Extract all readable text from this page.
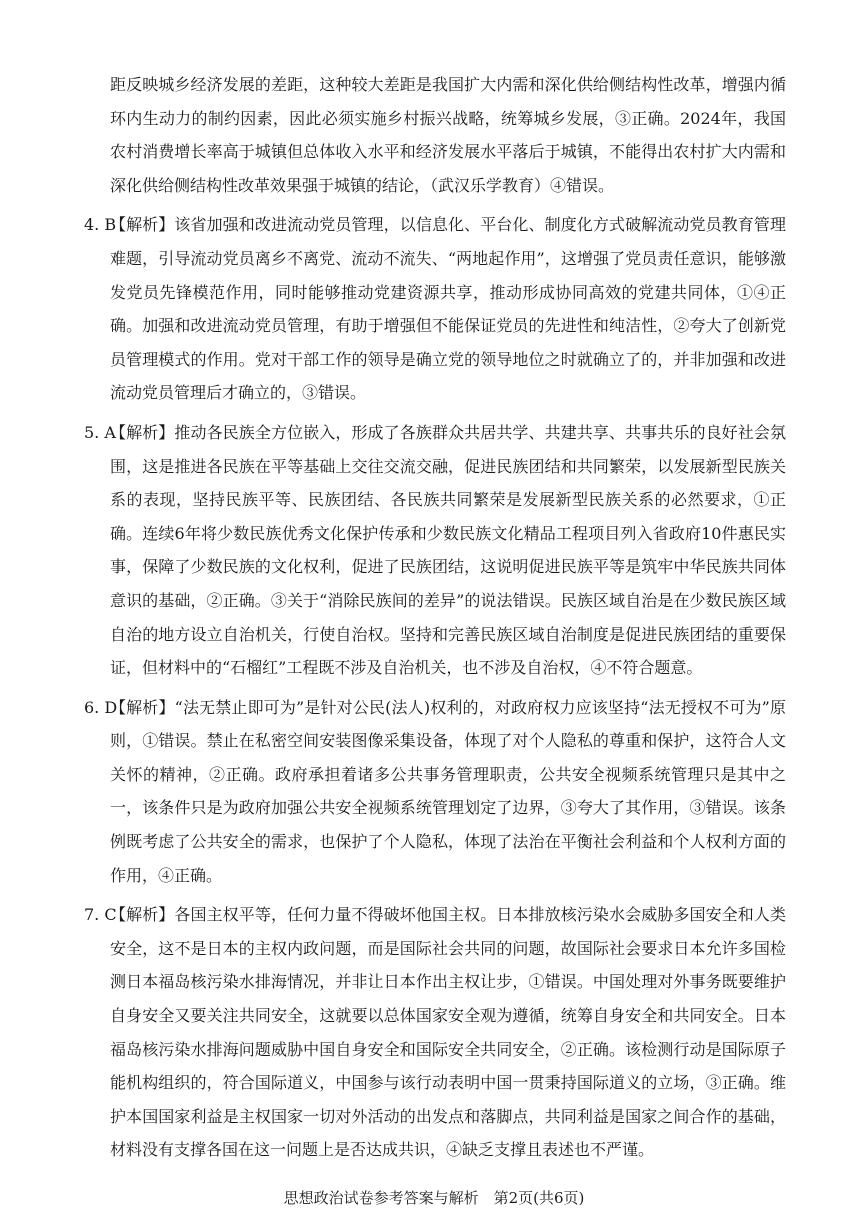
距反映城乡经济发展的差距，这种较大差距是我国扩大内需和深化供给侧结构性改革，增强内循环内生动力的制约因素，因此必须实施乡村振兴战略，统筹城乡发展，③正确。2024年，我国农村消费增长率高于城镇但总体收入水平和经济发展水平落后于城镇，不能得出农村扩大内需和深化供给侧结构性改革效果强于城镇的结论，（武汉乐学教育）④错误。

4. B
【解析】该省加强和改进流动党员管理，以信息化、平台化、制度化方式破解流动党员教育管理难题，引导流动党员离乡不离党、流动不流失、“两地起作用”，这增强了党员责任意识，能够激发党员先锋模范作用，同时能够推动党建资源共享，推动形成协同高效的党建共同体，①④正确。加强和改进流动党员管理，有助于增强但不能保证党员的先进性和纯洁性，②夸大了创新党员管理模式的作用。党对干部工作的领导是确立党的领导地位之时就确立了的，并非加强和改进流动党员管理后才确立的，③错误。
5. A
【解析】推动各民族全方位嵌入，形成了各族群众共居共学、共建共享、共事共乐的良好社会氛围，这是推进各民族在平等基础上交往交流交融，促进民族团结和共同繁荣，以发展新型民族关系的表现，坚持民族平等、民族团结、各民族共同繁荣是发展新型民族关系的必然要求，①正确。连续6年将少数民族优秀文化保护传承和少数民族文化精品工程项目列入省政府10件惠民实事，保障了少数民族的文化权利，促进了民族团结，这说明促进民族平等是筑牢中华民族共同体意识的基础，②正确。③关于“消除民族间的差异”的说法错误。民族区域自治是在少数民族区域自治的地方设立自治机关，行使自治权。坚持和完善民族区域自治制度是促进民族团结的重要保证，但材料中的“石榴红”工程既不涉及自治机关，也不涉及自治权，④不符合题意。
6. D
【解析】“法无禁止即可为”是针对公民(法人)权利的，对政府权力应该坚持“法无授权不可为”原则，①错误。禁止在私密空间安装图像采集设备，体现了对个人隐私的尊重和保护，这符合人文关怀的精神，②正确。政府承担着诸多公共事务管理职责，公共安全视频系统管理只是其中之一，该条件只是为政府加强公共安全视频系统管理划定了边界，③夸大了其作用，③错误。该条例既考虑了公共安全的需求，也保护了个人隐私，体现了法治在平衡社会利益和个人权利方面的作用，④正确。
7. C
【解析】各国主权平等，任何力量不得破坏他国主权。日本排放核污染水会威胁多国安全和人类安全，这不是日本的主权内政问题，而是国际社会共同的问题，故国际社会要求日本允许多国检测日本福岛核污染水排海情况，并非让日本作出主权让步，①错误。中国处理对外事务既要维护自身安全又要关注共同安全，这就要以总体国家安全观为遵循，统筹自身安全和共同安全。日本福岛核污染水排海问题威胁中国自身安全和国际安全共同安全，②正确。该检测行动是国际原子能机构组织的，符合国际道义，中国参与该行动表明中国一贯秉持国际道义的立场，③正确。维护本国国家利益是主权国家一切对外活动的出发点和落脚点，共同利益是国家之间合作的基础，材料没有支撑各国在这一问题上是否达成共识，④缺乏支撑且表述也不严谨。
思想政治试卷参考答案与解析　第2页(共6页)
